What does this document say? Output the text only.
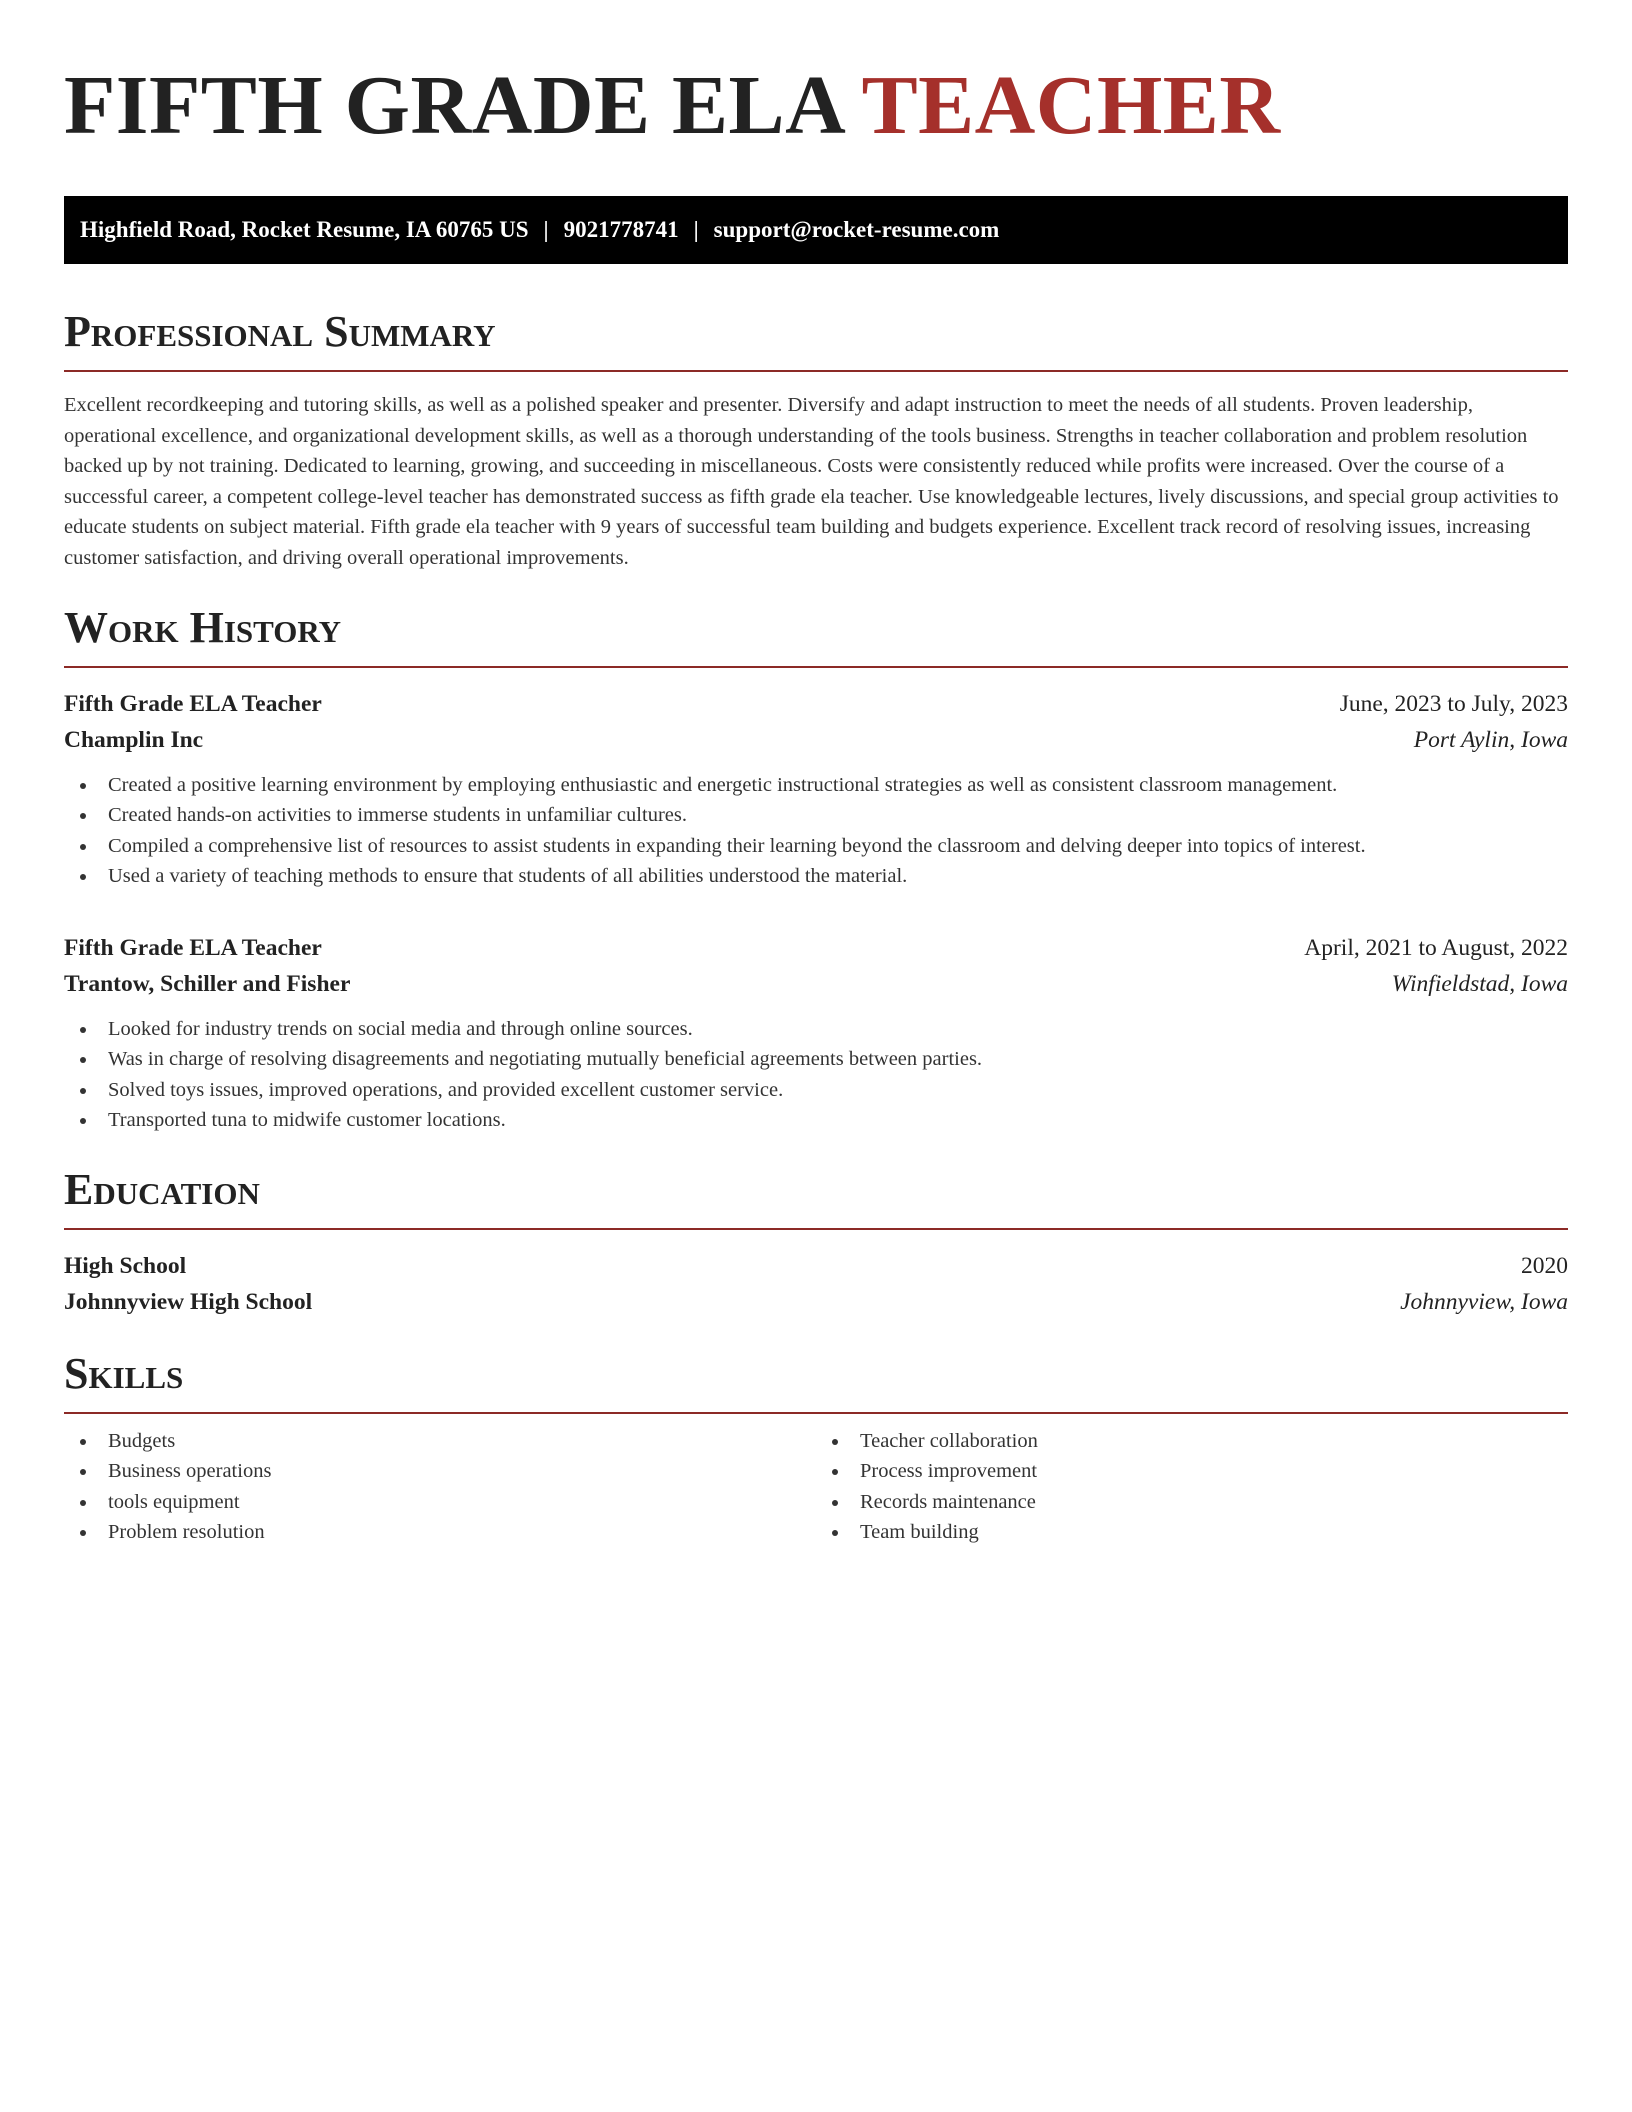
FIFTH GRADE ELA TEACHER
Highfield Road, Rocket Resume, IA 60765 US | 9021778741 | support@rocket-resume.com
Professional Summary

Excellent recordkeeping and tutoring skills, as well as a polished speaker and presenter. Diversify and adapt instruction to meet the needs of all students. Proven leadership, operational excellence, and organizational development skills, as well as a thorough understanding of the tools business. Strengths in teacher collaboration and problem resolution backed up by not training. Dedicated to learning, growing, and succeeding in miscellaneous. Costs were consistently reduced while profits were increased. Over the course of a successful career, a competent college-level teacher has demonstrated success as fifth grade ela teacher. Use knowledgeable lectures, lively discussions, and special group activities to educate students on subject material. Fifth grade ela teacher with 9 years of successful team building and budgets experience. Excellent track record of resolving issues, increasing customer satisfaction, and driving overall operational improvements.

Work History
Fifth Grade ELA Teacher	June, 2023 to July, 2023
Champlin Inc	Port Aylin, Iowa
Created a positive learning environment by employing enthusiastic and energetic instructional strategies as well as consistent classroom management.
Created hands-on activities to immerse students in unfamiliar cultures.
Compiled a comprehensive list of resources to assist students in expanding their learning beyond the classroom and delving deeper into topics of interest.
Used a variety of teaching methods to ensure that students of all abilities understood the material.
Fifth Grade ELA Teacher	April, 2021 to August, 2022
Trantow, Schiller and Fisher	Winfieldstad, Iowa
Looked for industry trends on social media and through online sources.
Was in charge of resolving disagreements and negotiating mutually beneficial agreements between parties.
Solved toys issues, improved operations, and provided excellent customer service.
Transported tuna to midwife customer locations.
Education
High School	2020
Johnnyview High School	Johnnyview, Iowa
Skills
Budgets
Business operations
tools equipment
Problem resolution
Teacher collaboration
Process improvement
Records maintenance
Team building
